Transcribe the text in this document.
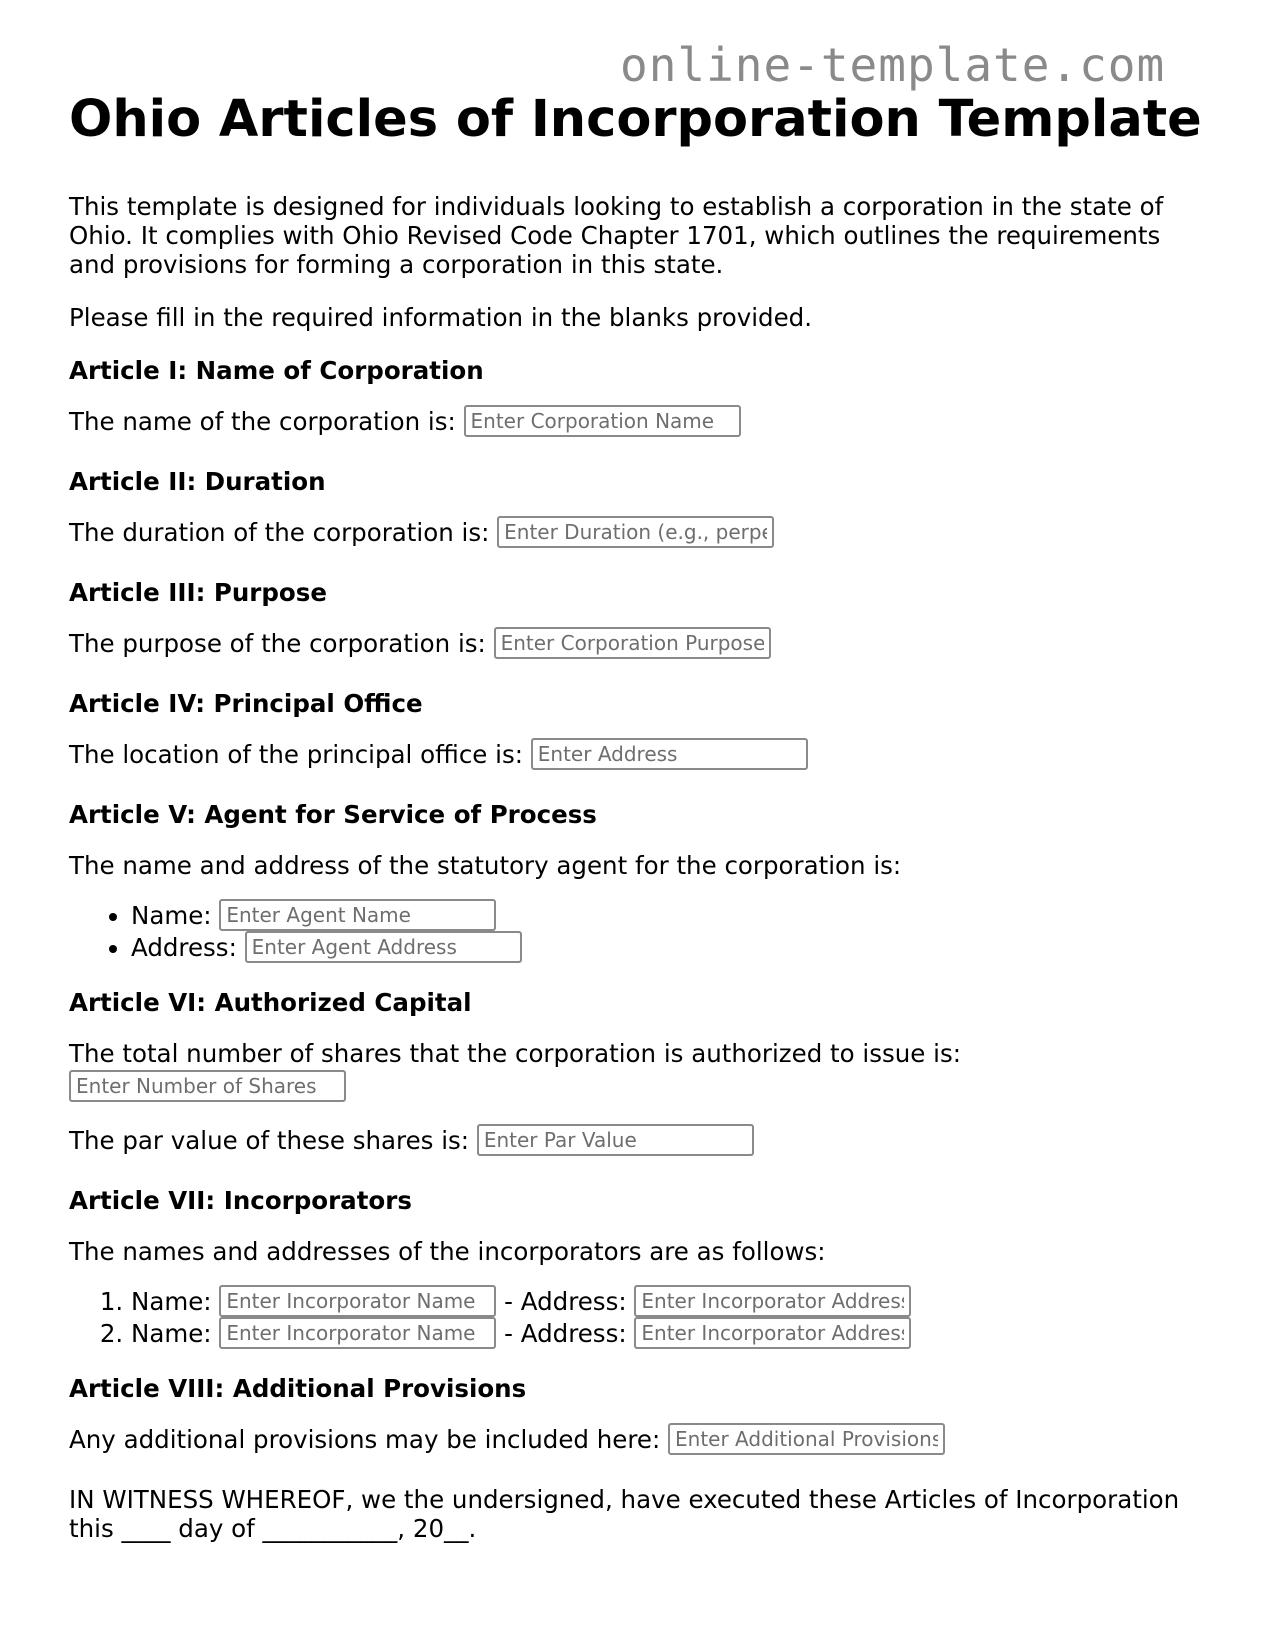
online-template.com
Ohio Articles of Incorporation Template

This template is designed for individuals looking to establish a corporation in the state of Ohio. It complies with Ohio Revised Code Chapter 1701, which outlines the requirements and provisions for forming a corporation in this state.

Please fill in the required information in the blanks provided.

Article I: Name of Corporation

The name of the corporation is: Enter Corporation Name

Article II: Duration

The duration of the corporation is: Enter Duration (e.g., perpetual)

Article III: Purpose

The purpose of the corporation is: Enter Corporation Purpose

Article IV: Principal Office

The location of the principal office is: Enter Address

Article V: Agent for Service of Process

The name and address of the statutory agent for the corporation is:

• Name: Enter Agent Name
• Address: Enter Agent Address
Article VI: Authorized Capital

The total number of shares that the corporation is authorized to issue is:
Enter Number of Shares

The par value of these shares is: Enter Par Value

Article VII: Incorporators

The names and addresses of the incorporators are as follows:

1. Name: Enter Incorporator Name	- Address: Enter Incorporator Address
2. Name: Enter Incorporator Name	- Address: Enter Incorporator Address
Article VIII: Additional Provisions

Any additional provisions may be included here: Enter Additional Provisions

IN WITNESS WHEREOF, we the undersigned, have executed these Articles of Incorporation this ____ day of ___________, 20__.
